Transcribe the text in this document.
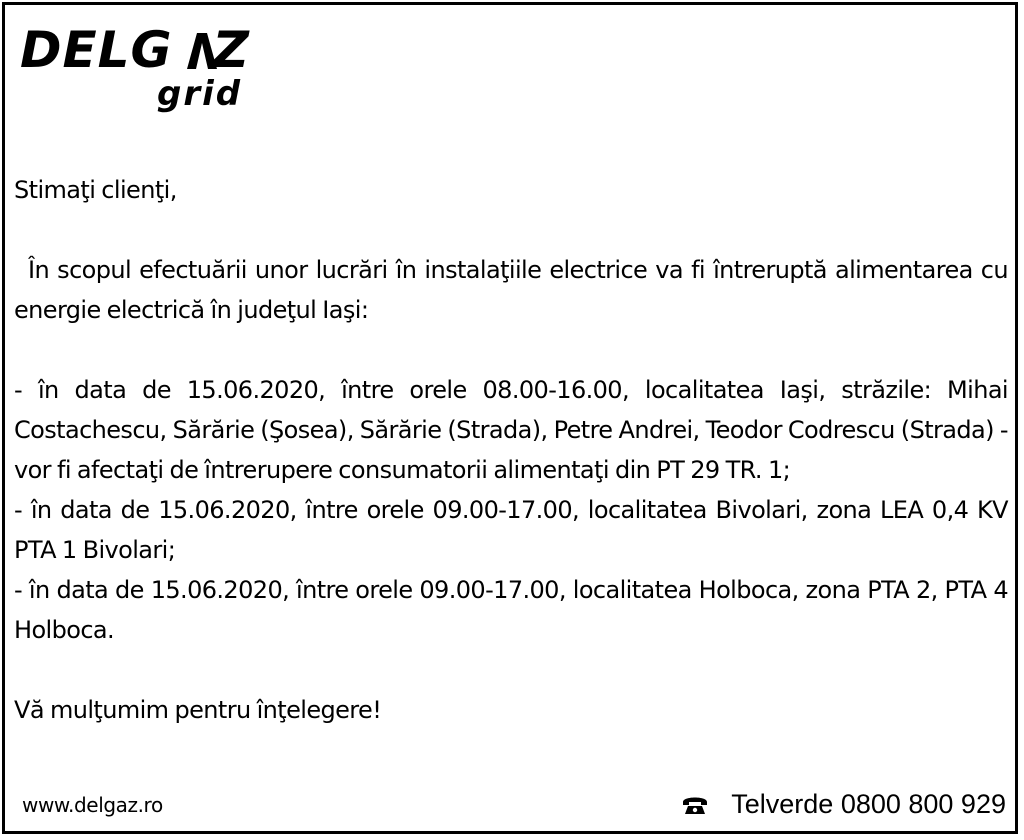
DELG Z
grid

Stimaţi clienţi,

În scopul efectuării unor lucrări în instalaţiile electrice va fi întreruptă alimentarea cu energie electrică în judeţul Iaşi:

- în data de 15.06.2020, între orele 08.00-16.00, localitatea Iaşi, străzile: Mihai Costachescu, Sărărie (Şosea), Sărărie (Strada), Petre Andrei, Teodor Codrescu (Strada) - vor fi afectaţi de întrerupere consumatorii alimentaţi din PT 29 TR. 1;

- în data de 15.06.2020, între orele 09.00-17.00, localitatea Bivolari, zona LEA 0,4 KV PTA 1 Bivolari;

- în data de 15.06.2020, între orele 09.00-17.00, localitatea Holboca, zona PTA 2, PTA 4 Holboca.

Vă mulţumim pentru înţelegere!

www.delgaz.ro	Telverde 0800 800 929
